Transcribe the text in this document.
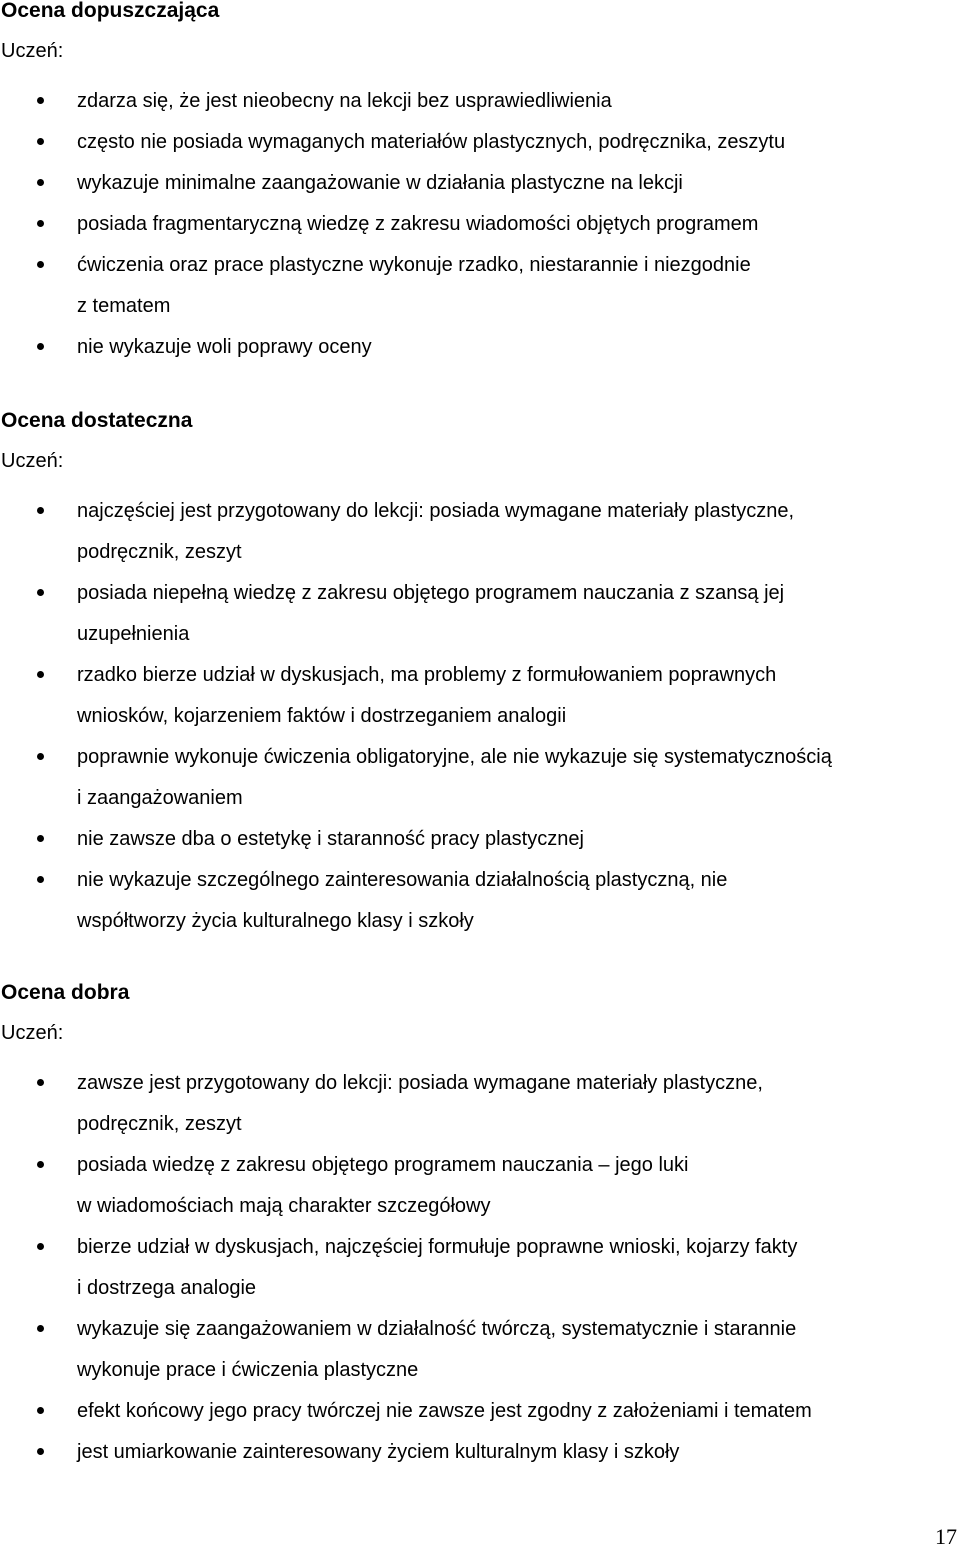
Ocena dopuszczająca
Uczeń:
zdarza się, że jest nieobecny na lekcji bez usprawiedliwienia
często nie posiada wymaganych materiałów plastycznych, podręcznika, zeszytu
wykazuje minimalne zaangażowanie w działania plastyczne na lekcji
posiada fragmentaryczną wiedzę z zakresu wiadomości objętych programem
ćwiczenia oraz prace plastyczne wykonuje rzadko, niestarannie i niezgodnie
z tematem
nie wykazuje woli poprawy oceny
Ocena dostateczna
Uczeń:
najczęściej jest przygotowany do lekcji: posiada wymagane materiały plastyczne,
podręcznik, zeszyt
posiada niepełną wiedzę z zakresu objętego programem nauczania z szansą jej
uzupełnienia
rzadko bierze udział w dyskusjach, ma problemy z formułowaniem poprawnych
wniosków, kojarzeniem faktów i dostrzeganiem analogii
poprawnie wykonuje ćwiczenia obligatoryjne, ale nie wykazuje się systematycznością
i zaangażowaniem
nie zawsze dba o estetykę i staranność pracy plastycznej
nie wykazuje szczególnego zainteresowania działalnością plastyczną, nie
współtworzy życia kulturalnego klasy i szkoły
Ocena dobra
Uczeń:
zawsze jest przygotowany do lekcji: posiada wymagane materiały plastyczne,
podręcznik, zeszyt
posiada wiedzę z zakresu objętego programem nauczania – jego luki
w wiadomościach mają charakter szczegółowy
bierze udział w dyskusjach, najczęściej formułuje poprawne wnioski, kojarzy fakty
i dostrzega analogie
wykazuje się zaangażowaniem w działalność twórczą, systematycznie i starannie
wykonuje prace i ćwiczenia plastyczne
efekt końcowy jego pracy twórczej nie zawsze jest zgodny z założeniami i tematem
jest umiarkowanie zainteresowany życiem kulturalnym klasy i szkoły
17
